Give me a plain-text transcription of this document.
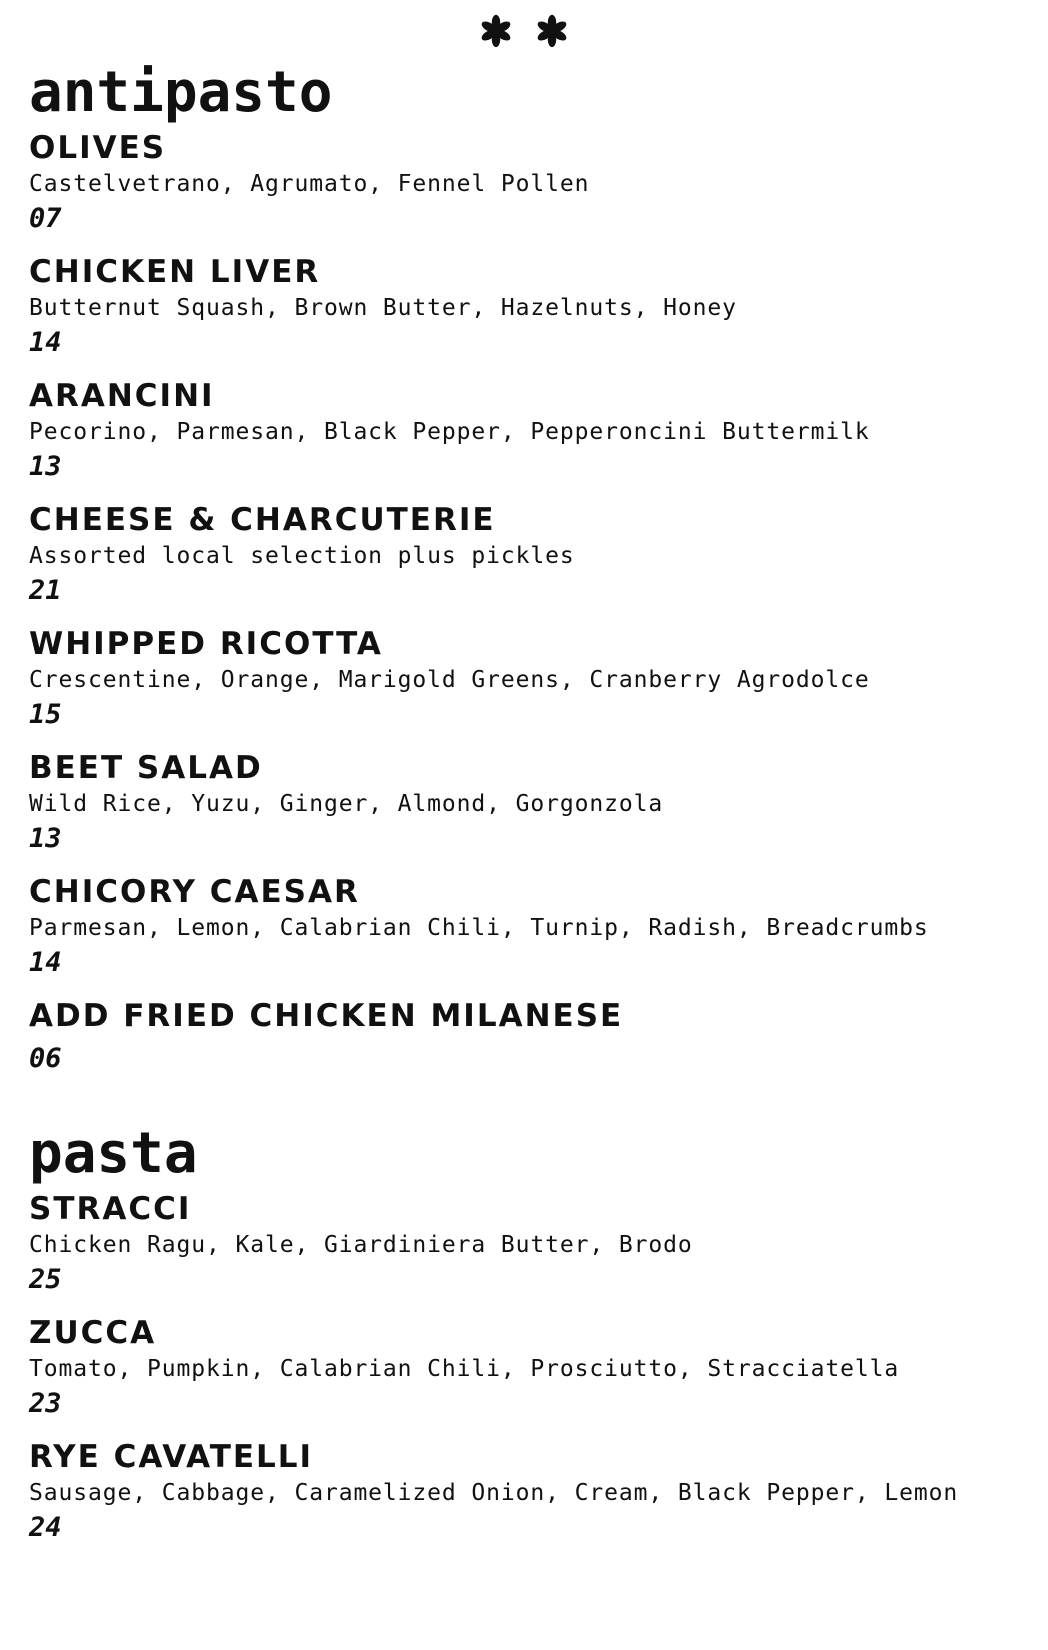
antipasto
OLIVES
Castelvetrano, Agrumato, Fennel Pollen
07
CHICKEN LIVER
Butternut Squash, Brown Butter, Hazelnuts, Honey
14
ARANCINI
Pecorino, Parmesan, Black Pepper, Pepperoncini Buttermilk
13
CHEESE & CHARCUTERIE
Assorted local selection plus pickles
21
WHIPPED RICOTTA
Crescentine, Orange, Marigold Greens, Cranberry Agrodolce
15
BEET SALAD
Wild Rice, Yuzu, Ginger, Almond, Gorgonzola
13
CHICORY CAESAR
Parmesan, Lemon, Calabrian Chili, Turnip, Radish, Breadcrumbs
14
ADD FRIED CHICKEN MILANESE
06
pasta
STRACCI
Chicken Ragu, Kale, Giardiniera Butter, Brodo
25
ZUCCA
Tomato, Pumpkin, Calabrian Chili, Prosciutto, Stracciatella
23
RYE CAVATELLI
Sausage, Cabbage, Caramelized Onion, Cream, Black Pepper, Lemon
24
